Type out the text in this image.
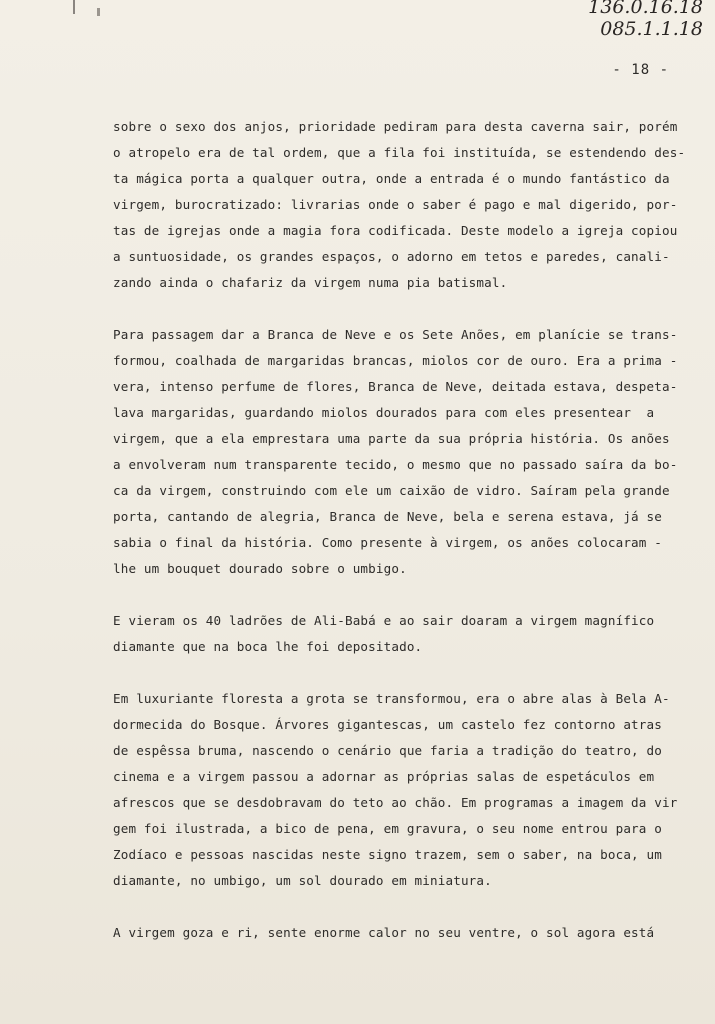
136.0.16.18
085.1.1.18
- 18 -
sobre o sexo dos anjos, prioridade pediram para desta caverna sair, porém
o atropelo era de tal ordem, que a fila foi instituída, se estendendo des-
ta mágica porta a qualquer outra, onde a entrada é o mundo fantástico da
virgem, burocratizado: livrarias onde o saber é pago e mal digerido, por-
tas de igrejas onde a magia fora codificada. Deste modelo a igreja copiou
a suntuosidade, os grandes espaços, o adorno em tetos e paredes, canali-
zando ainda o chafariz da virgem numa pia batismal.
Para passagem dar a Branca de Neve e os Sete Anões, em planície se trans-
formou, coalhada de margaridas brancas, miolos cor de ouro. Era a prima -
vera, intenso perfume de flores, Branca de Neve, deitada estava, despeta-
lava margaridas, guardando miolos dourados para com eles presentear  a
virgem, que a ela emprestara uma parte da sua própria história. Os anões
a envolveram num transparente tecido, o mesmo que no passado saíra da bo-
ca da virgem, construindo com ele um caixão de vidro. Saíram pela grande
porta, cantando de alegria, Branca de Neve, bela e serena estava, já se
sabia o final da história. Como presente à virgem, os anões colocaram -
lhe um bouquet dourado sobre o umbigo.
E vieram os 40 ladrões de Ali-Babá e ao sair doaram a virgem magnífico
diamante que na boca lhe foi depositado.
Em luxuriante floresta a grota se transformou, era o abre alas à Bela A-
dormecida do Bosque. Árvores gigantescas, um castelo fez contorno atras
de espêssa bruma, nascendo o cenário que faria a tradição do teatro, do
cinema e a virgem passou a adornar as próprias salas de espetáculos em
afrescos que se desdobravam do teto ao chão. Em programas a imagem da vir
gem foi ilustrada, a bico de pena, em gravura, o seu nome entrou para o
Zodíaco e pessoas nascidas neste signo trazem, sem o saber, na boca, um
diamante, no umbigo, um sol dourado em miniatura.
A virgem goza e ri, sente enorme calor no seu ventre, o sol agora está
